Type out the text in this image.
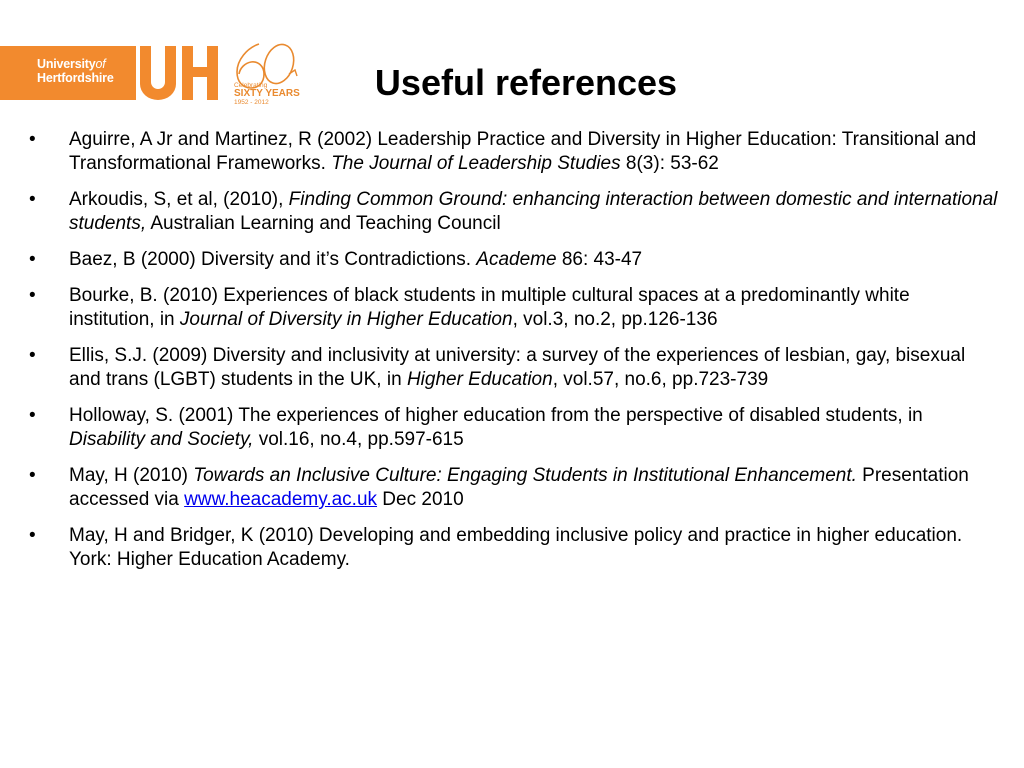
Universityof
Hertfordshire
Celebrating
SIXTY YEARS
1952 - 2012	Useful references
• Aguirre, A Jr and Martinez, R (2002) Leadership Practice and Diversity in Higher Education: Transitional and Transformational Frameworks. The Journal of Leadership Studies 8(3): 53-62
• Arkoudis, S, et al, (2010), Finding Common Ground: enhancing interaction between domestic and international students, Australian Learning and Teaching Council
• Baez, B (2000) Diversity and it’s Contradictions. Academe 86: 43-47
• Bourke, B. (2010) Experiences of black students in multiple cultural spaces at a predominantly white institution, in Journal of Diversity in Higher Education, vol.3, no.2, pp.126-136
• Ellis, S.J. (2009) Diversity and inclusivity at university: a survey of the experiences of lesbian, gay, bisexual and trans (LGBT) students in the UK, in Higher Education, vol.57, no.6, pp.723-739
• Holloway, S. (2001) The experiences of higher education from the perspective of disabled students, in Disability and Society, vol.16, no.4, pp.597-615
• May, H (2010) Towards an Inclusive Culture: Engaging Students in Institutional Enhancement. Presentation accessed via www.heacademy.ac.uk Dec 2010
• May, H and Bridger, K (2010) Developing and embedding inclusive policy and practice in higher education. York: Higher Education Academy.
